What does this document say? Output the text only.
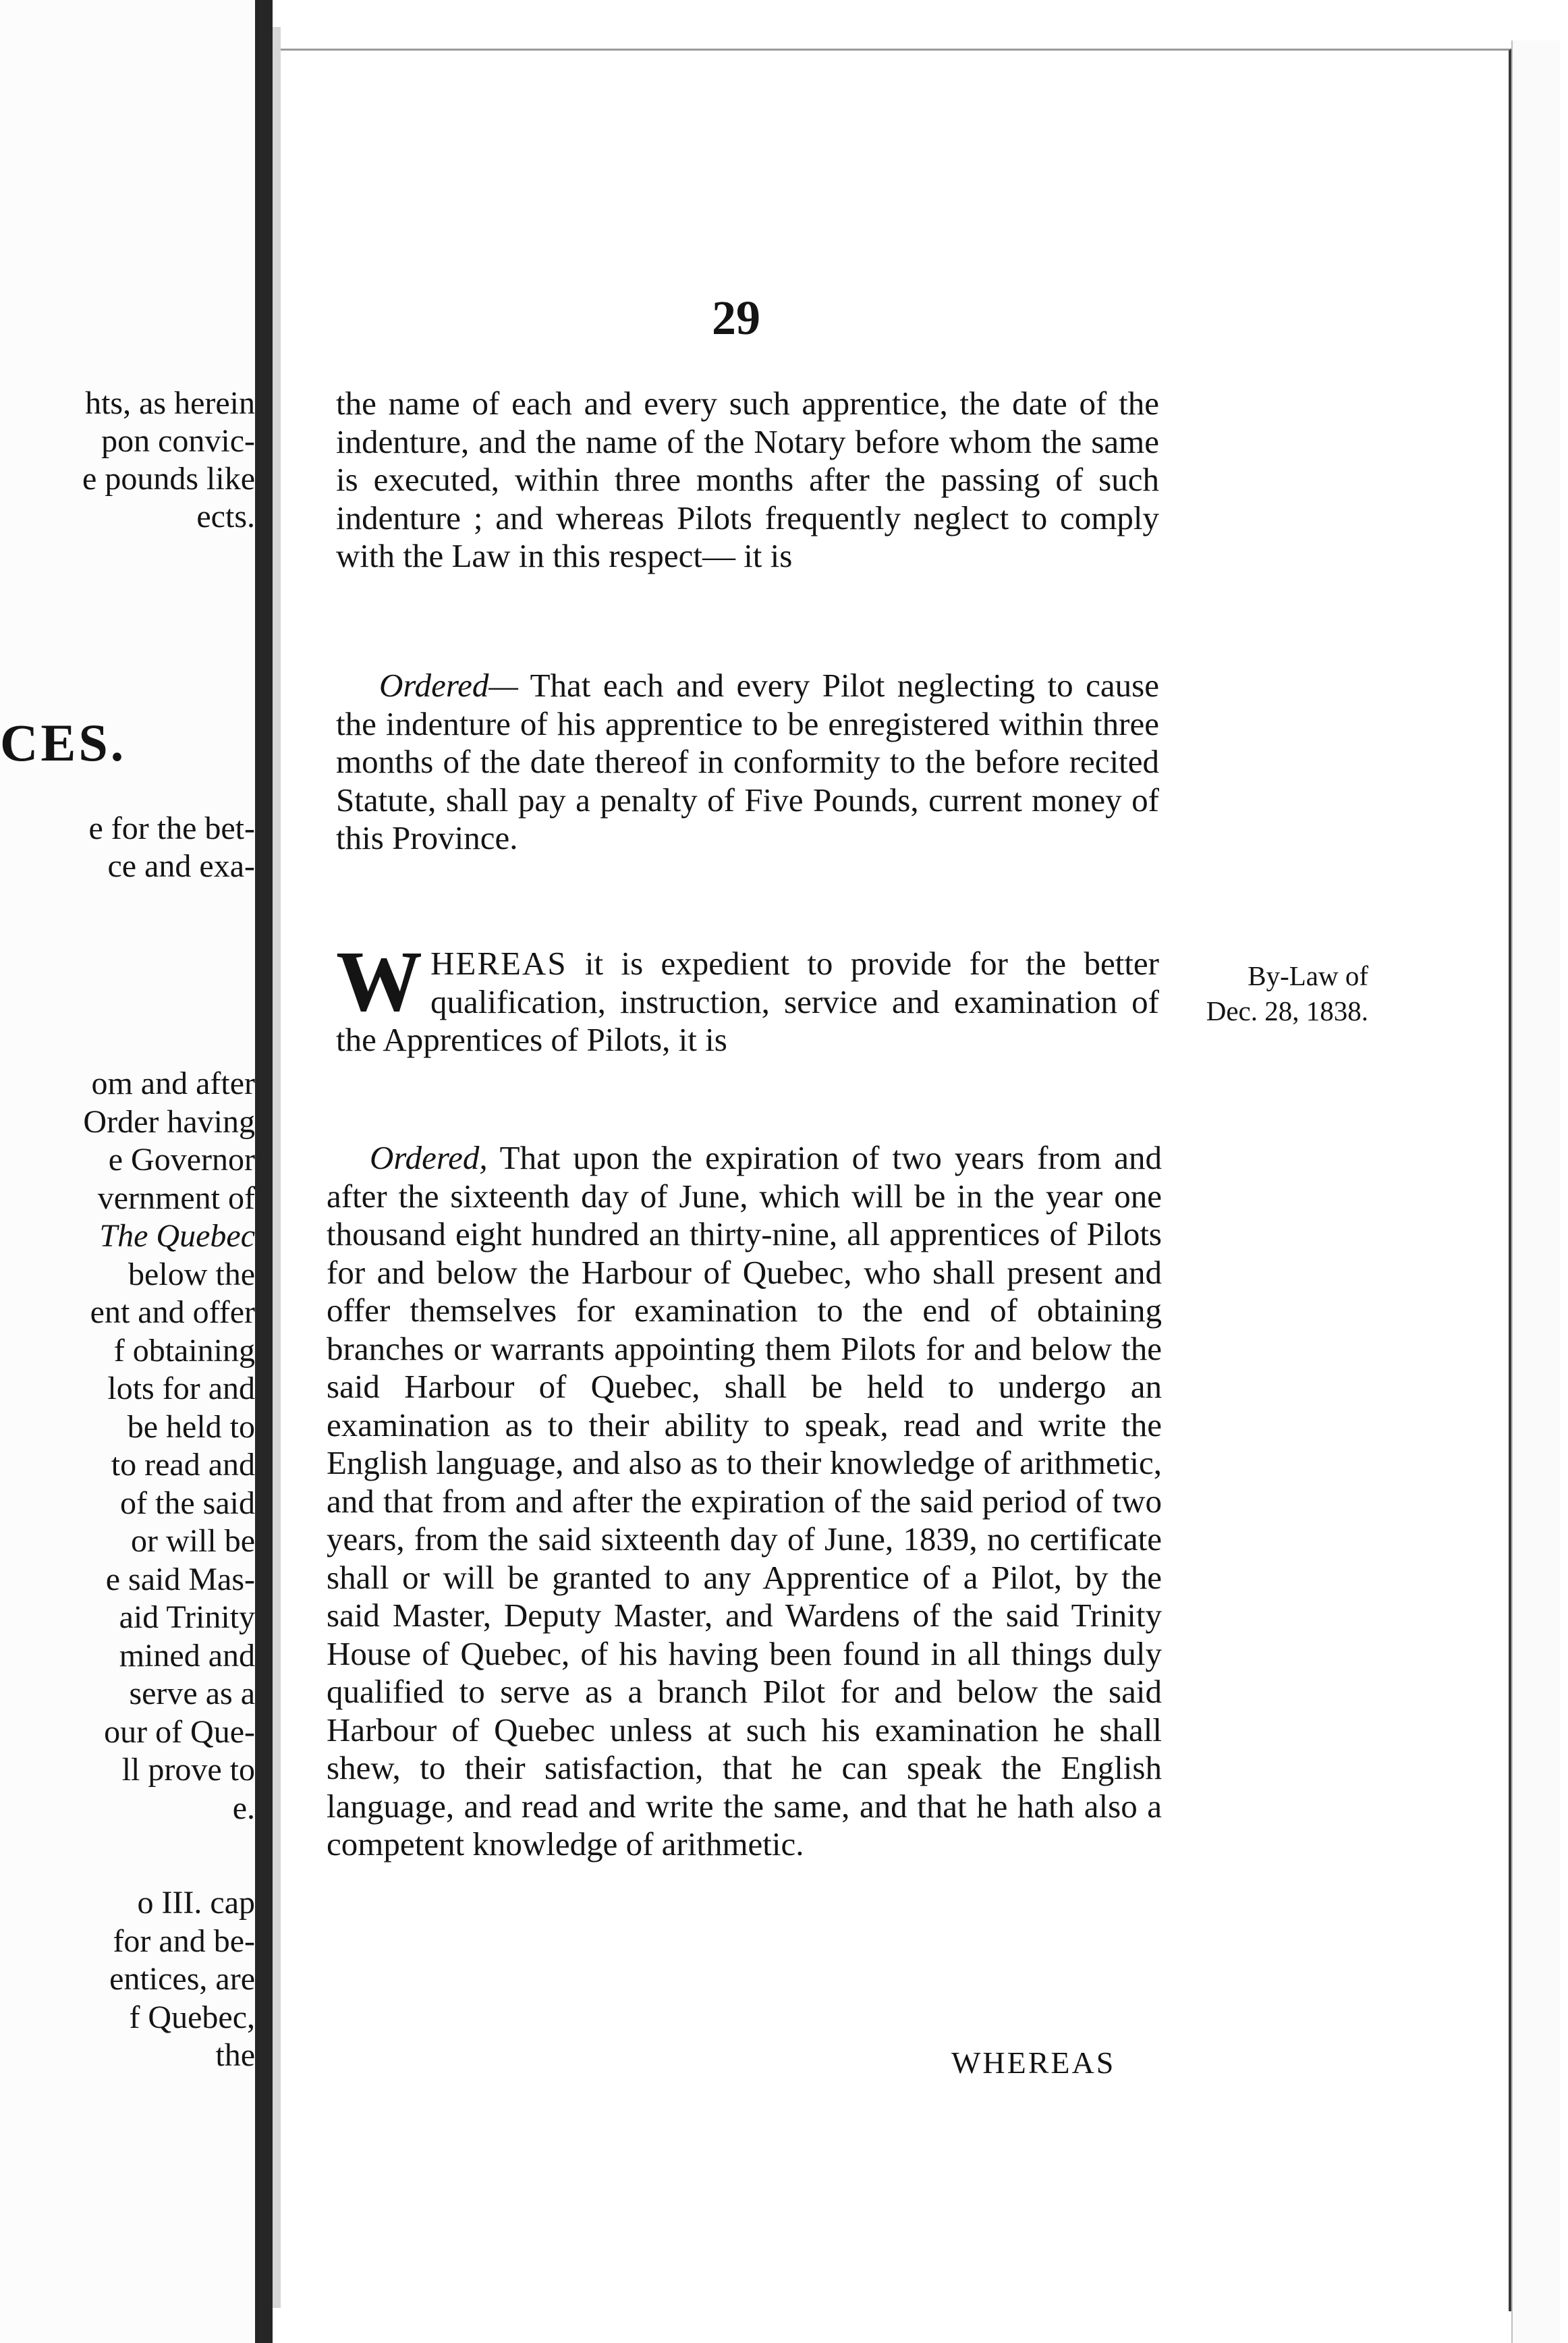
hts, as herein
pon convic-
e pounds like
ects.
CES.
e for the bet-
ce and exa-
om and after
Order having
e Governor
vernment of
The Quebec
below the
ent and offer
f obtaining
lots for and
be held to
to read and
of the said
or will be
e said Mas-
aid Trinity
mined and
serve as a
our of Que-
ll prove to
e.
o III. cap
for and be-
entices, are
f Quebec,
the
29

the name of each and every such apprentice, the date of the indenture, and the name of the Notary before whom the same is executed, within three months after the passing of such indenture ; and whereas Pilots frequently neglect to comply with the Law in this respect— it is

Ordered— That each and every Pilot neglecting to cause the indenture of his apprentice to be enregistered within three months of the date thereof in conformity to the before recited Statute, shall pay a penalty of Five Pounds, current money of this Province.

WHEREAS it is expedient to provide for the better qualification, instruction, service and examination of the Apprentices of Pilots, it is

By-Law of
Dec. 28, 1838.

Ordered, That upon the expiration of two years from and after the sixteenth day of June, which will be in the year one thousand eight hundred an thirty-nine, all apprentices of Pilots for and below the Harbour of Quebec, who shall present and offer themselves for examination to the end of obtaining branches or warrants appointing them Pilots for and below the said Harbour of Quebec, shall be held to undergo an examination as to their ability to speak, read and write the English language, and also as to their knowledge of arithmetic, and that from and after the expiration of the said period of two years, from the said sixteenth day of June, 1839, no certificate shall or will be granted to any Apprentice of a Pilot, by the said Master, Deputy Master, and Wardens of the said Trinity House of Quebec, of his having been found in all things duly qualified to serve as a branch Pilot for and below the said Harbour of Quebec unless at such his examination he shall shew, to their satisfaction, that he can speak the English language, and read and write the same, and that he hath also a competent knowledge of arithmetic.

WHEREAS
